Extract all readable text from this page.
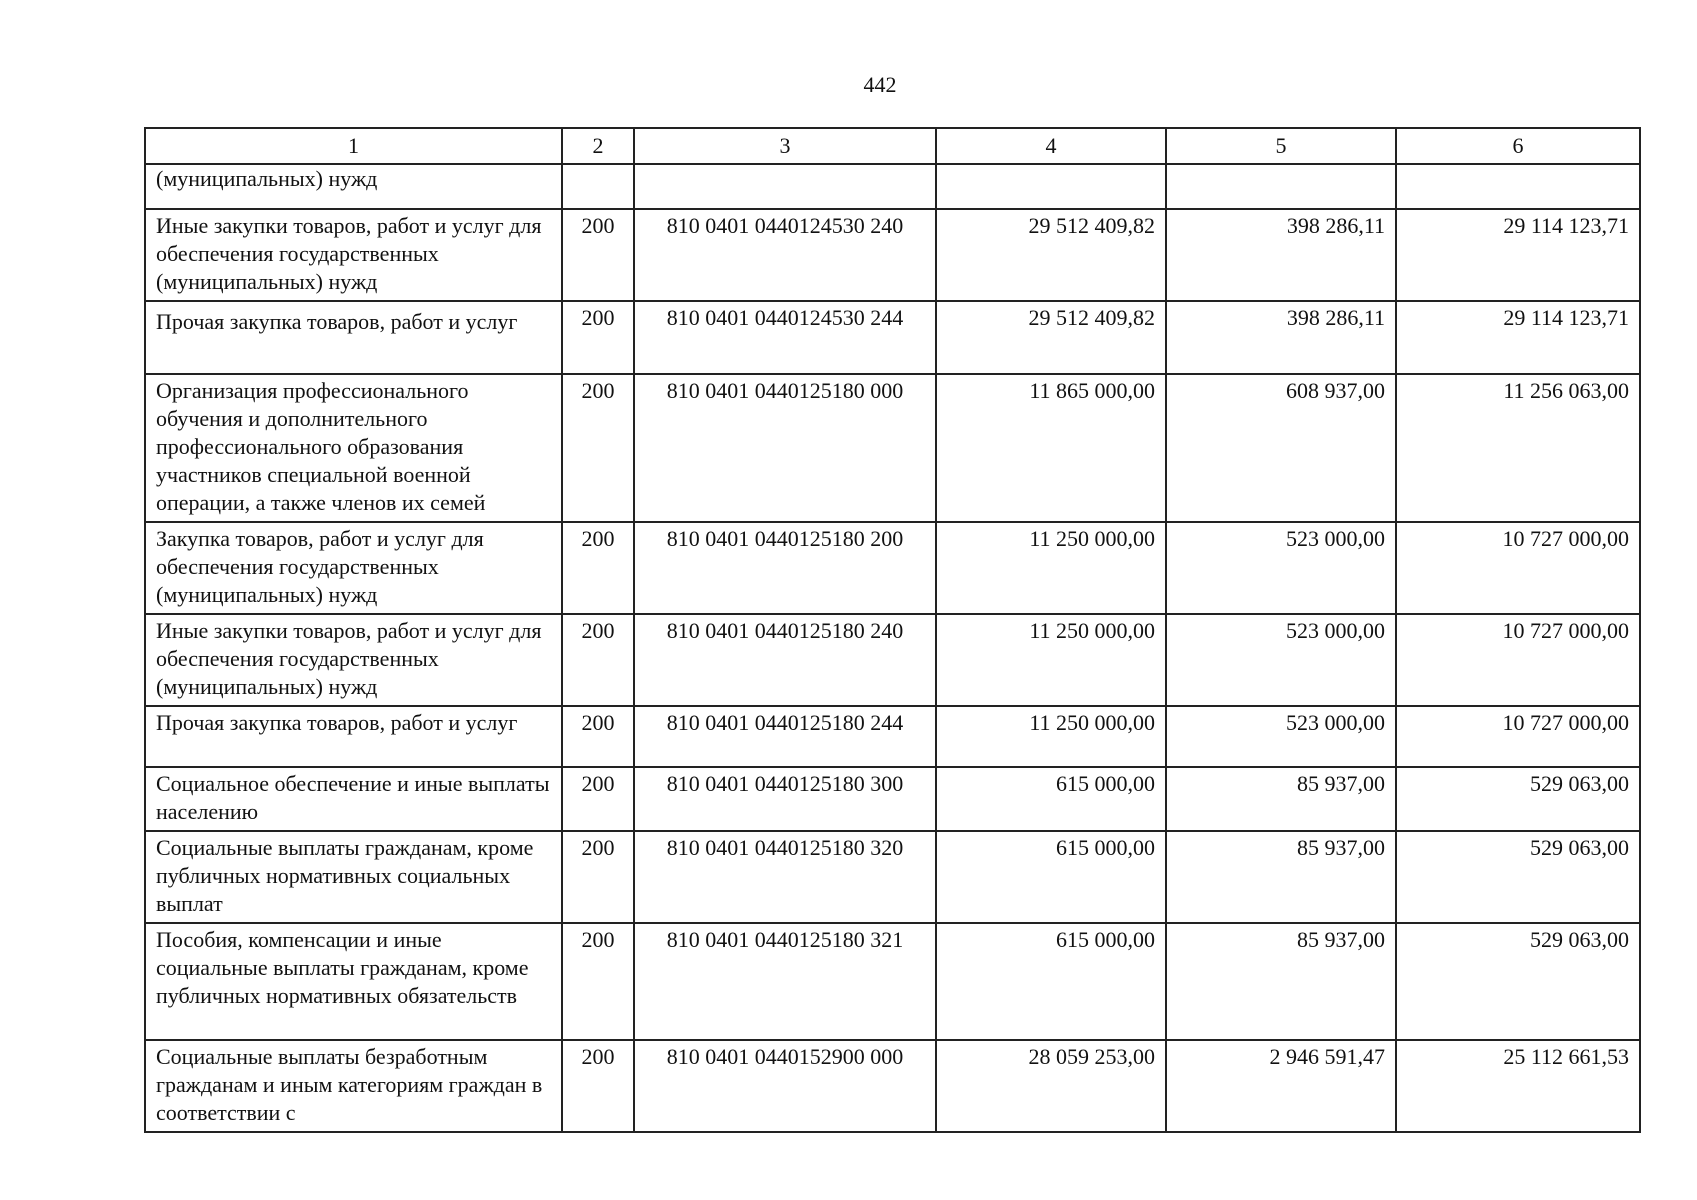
442
1	2	3	4	5	6
(муниципальных) нужд					
Иные закупки товаров, работ и услуг для обеспечения государственных (муниципальных) нужд	200	810 0401 0440124530 240	29 512 409,82	398 286,11	29 114 123,71
Прочая закупка товаров, работ и услуг	200	810 0401 0440124530 244	29 512 409,82	398 286,11	29 114 123,71
Организация профессионального обучения и дополнительного профессионального образования участников специальной военной операции, а также членов их семей	200	810 0401 0440125180 000	11 865 000,00	608 937,00	11 256 063,00
Закупка товаров, работ и услуг для обеспечения государственных (муниципальных) нужд	200	810 0401 0440125180 200	11 250 000,00	523 000,00	10 727 000,00
Иные закупки товаров, работ и услуг для обеспечения государственных (муниципальных) нужд	200	810 0401 0440125180 240	11 250 000,00	523 000,00	10 727 000,00
Прочая закупка товаров, работ и услуг	200	810 0401 0440125180 244	11 250 000,00	523 000,00	10 727 000,00
Социальное обеспечение и иные выплаты населению	200	810 0401 0440125180 300	615 000,00	85 937,00	529 063,00
Социальные выплаты гражданам, кроме публичных нормативных социальных выплат	200	810 0401 0440125180 320	615 000,00	85 937,00	529 063,00
Пособия, компенсации и иные социальные выплаты гражданам, кроме публичных нормативных обязательств	200	810 0401 0440125180 321	615 000,00	85 937,00	529 063,00
Социальные выплаты безработным гражданам и иным категориям граждан в соответствии с	200	810 0401 0440152900 000	28 059 253,00	2 946 591,47	25 112 661,53
